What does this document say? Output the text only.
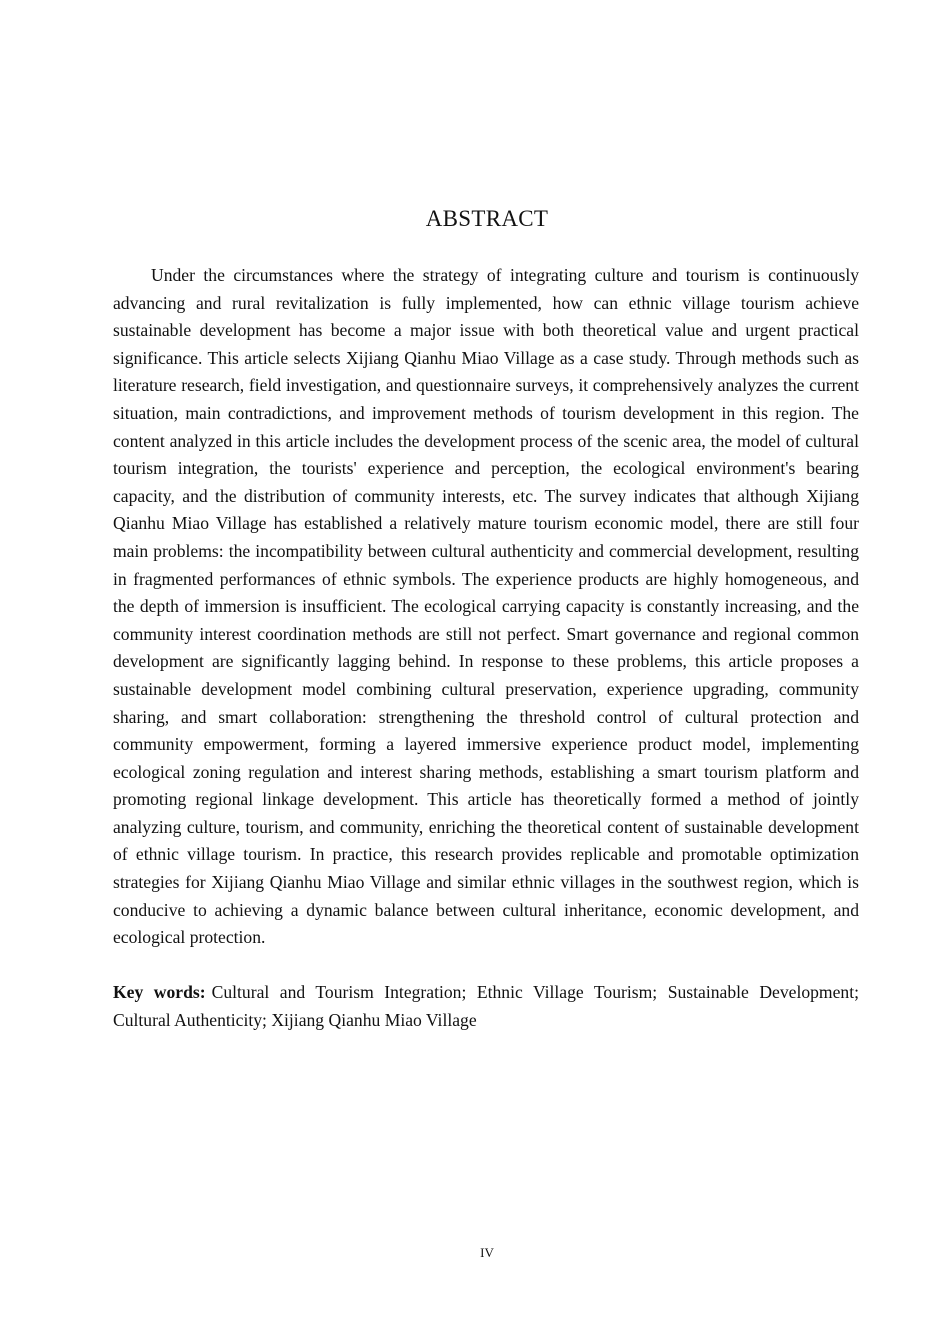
ABSTRACT

Under the circumstances where the strategy of integrating culture and tourism is continuously advancing and rural revitalization is fully implemented, how can ethnic village tourism achieve sustainable development has become a major issue with both theoretical value and urgent practical significance. This article selects Xijiang Qianhu Miao Village as a case study. Through methods such as literature research, field investigation, and questionnaire surveys, it comprehensively analyzes the current situation, main contradictions, and improvement methods of tourism development in this region. The content analyzed in this article includes the development process of the scenic area, the model of cultural tourism integration, the tourists' experience and perception, the ecological environment's bearing capacity, and the distribution of community interests, etc. The survey indicates that although Xijiang Qianhu Miao Village has established a relatively mature tourism economic model, there are still four main problems: the incompatibility between cultural authenticity and commercial development, resulting in fragmented performances of ethnic symbols. The experience products are highly homogeneous, and the depth of immersion is insufficient. The ecological carrying capacity is constantly increasing, and the community interest coordination methods are still not perfect. Smart governance and regional common development are significantly lagging behind. In response to these problems, this article proposes a sustainable development model combining cultural preservation, experience upgrading, community sharing, and smart collaboration: strengthening the threshold control of cultural protection and community empowerment, forming a layered immersive experience product model, implementing ecological zoning regulation and interest sharing methods, establishing a smart tourism platform and promoting regional linkage development. This article has theoretically formed a method of jointly analyzing culture, tourism, and community, enriching the theoretical content of sustainable development of ethnic village tourism. In practice, this research provides replicable and promotable optimization strategies for Xijiang Qianhu Miao Village and similar ethnic villages in the southwest region, which is conducive to achieving a dynamic balance between cultural inheritance, economic development, and ecological protection.

Key words: Cultural and Tourism Integration; Ethnic Village Tourism; Sustainable Development; Cultural Authenticity; Xijiang Qianhu Miao Village

IV
